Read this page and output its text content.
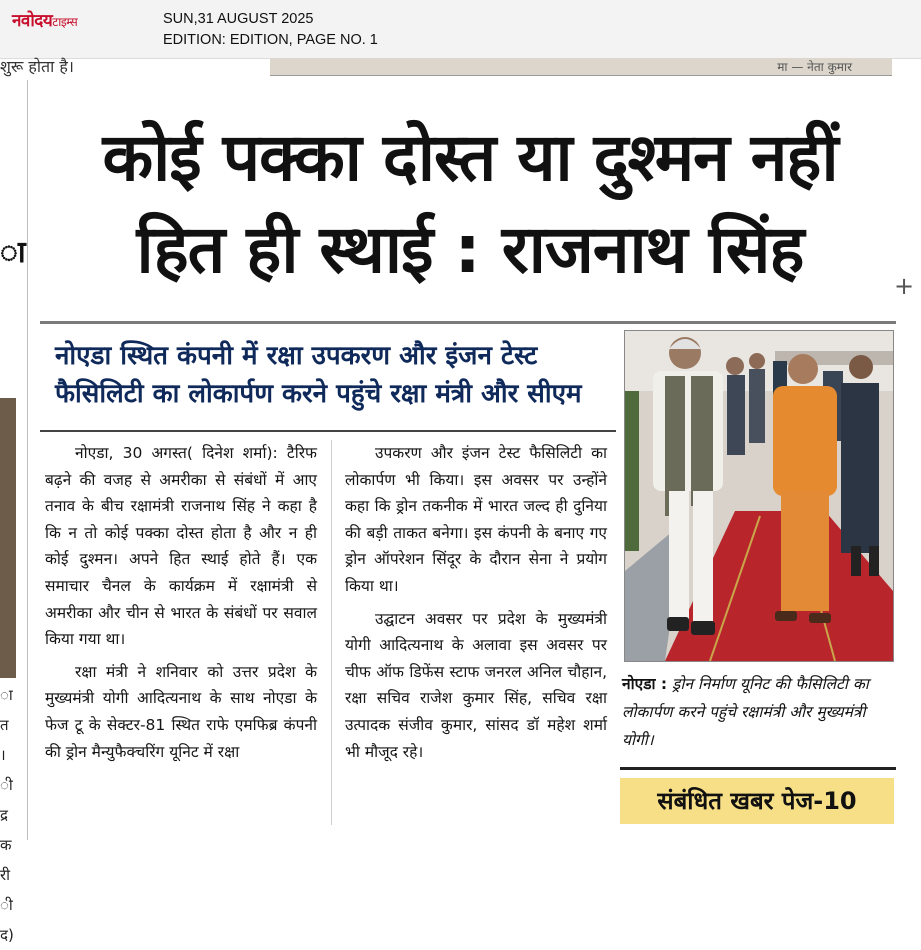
नवोदयटाइम्स	SUN,31 AUGUST 2025
EDITION: EDITION, PAGE NO. 1
शुरू होता है।	मा — नेता कुमार
ा
ा
त
।
ी
द्र
क
री
ी
द)
कोई पक्का दोस्त या दुश्मन नहीं
हित ही स्थाई : राजनाथ सिंह	+
नोएडा स्थित कंपनी में रक्षा उपकरण और इंजन टेस्ट
फैसिलिटी का लोकार्पण करने पहुंचे रक्षा मंत्री और सीएम

नोएडा, 30 अगस्त( दिनेश शर्मा): टैरिफ बढ़ने की वजह से अमरीका से संबंधों में आए तनाव के बीच रक्षामंत्री राजनाथ सिंह ने कहा है कि न तो कोई पक्का दोस्त होता है और न ही कोई दुश्मन। अपने हित स्थाई होते हैं। एक समाचार चैनल के कार्यक्रम में रक्षामंत्री से अमरीका और चीन से भारत के संबंधों पर सवाल किया गया था।

रक्षा मंत्री ने शनिवार को उत्तर प्रदेश के मुख्यमंत्री योगी आदित्यनाथ के साथ नोएडा के फेज टू के सेक्टर-81 स्थित राफे एमफिब्र कंपनी की ड्रोन मैन्युफैक्चरिंग यूनिट में रक्षा

उपकरण और इंजन टेस्ट फैसिलिटी का लोकार्पण भी किया। इस अवसर पर उन्होंने कहा कि ड्रोन तकनीक में भारत जल्द ही दुनिया की बड़ी ताकत बनेगा। इस कंपनी के बनाए गए ड्रोन ऑपरेशन सिंदूर के दौरान सेना ने प्रयोग किया था।

उद्घाटन अवसर पर प्रदेश के मुख्यमंत्री योगी आदित्यनाथ के अलावा इस अवसर पर चीफ ऑफ डिफेंस स्टाफ जनरल अनिल चौहान, रक्षा सचिव राजेश कुमार सिंह, सचिव रक्षा उत्पादक संजीव कुमार, सांसद डॉ महेश शर्मा भी मौजूद रहे।

नोएडा : ड्रोन निर्माण यूनिट की फैसिलिटी का लोकार्पण करने पहुंचे रक्षामंत्री और मुख्यमंत्री योगी।
संबंधित खबर पेज-10
